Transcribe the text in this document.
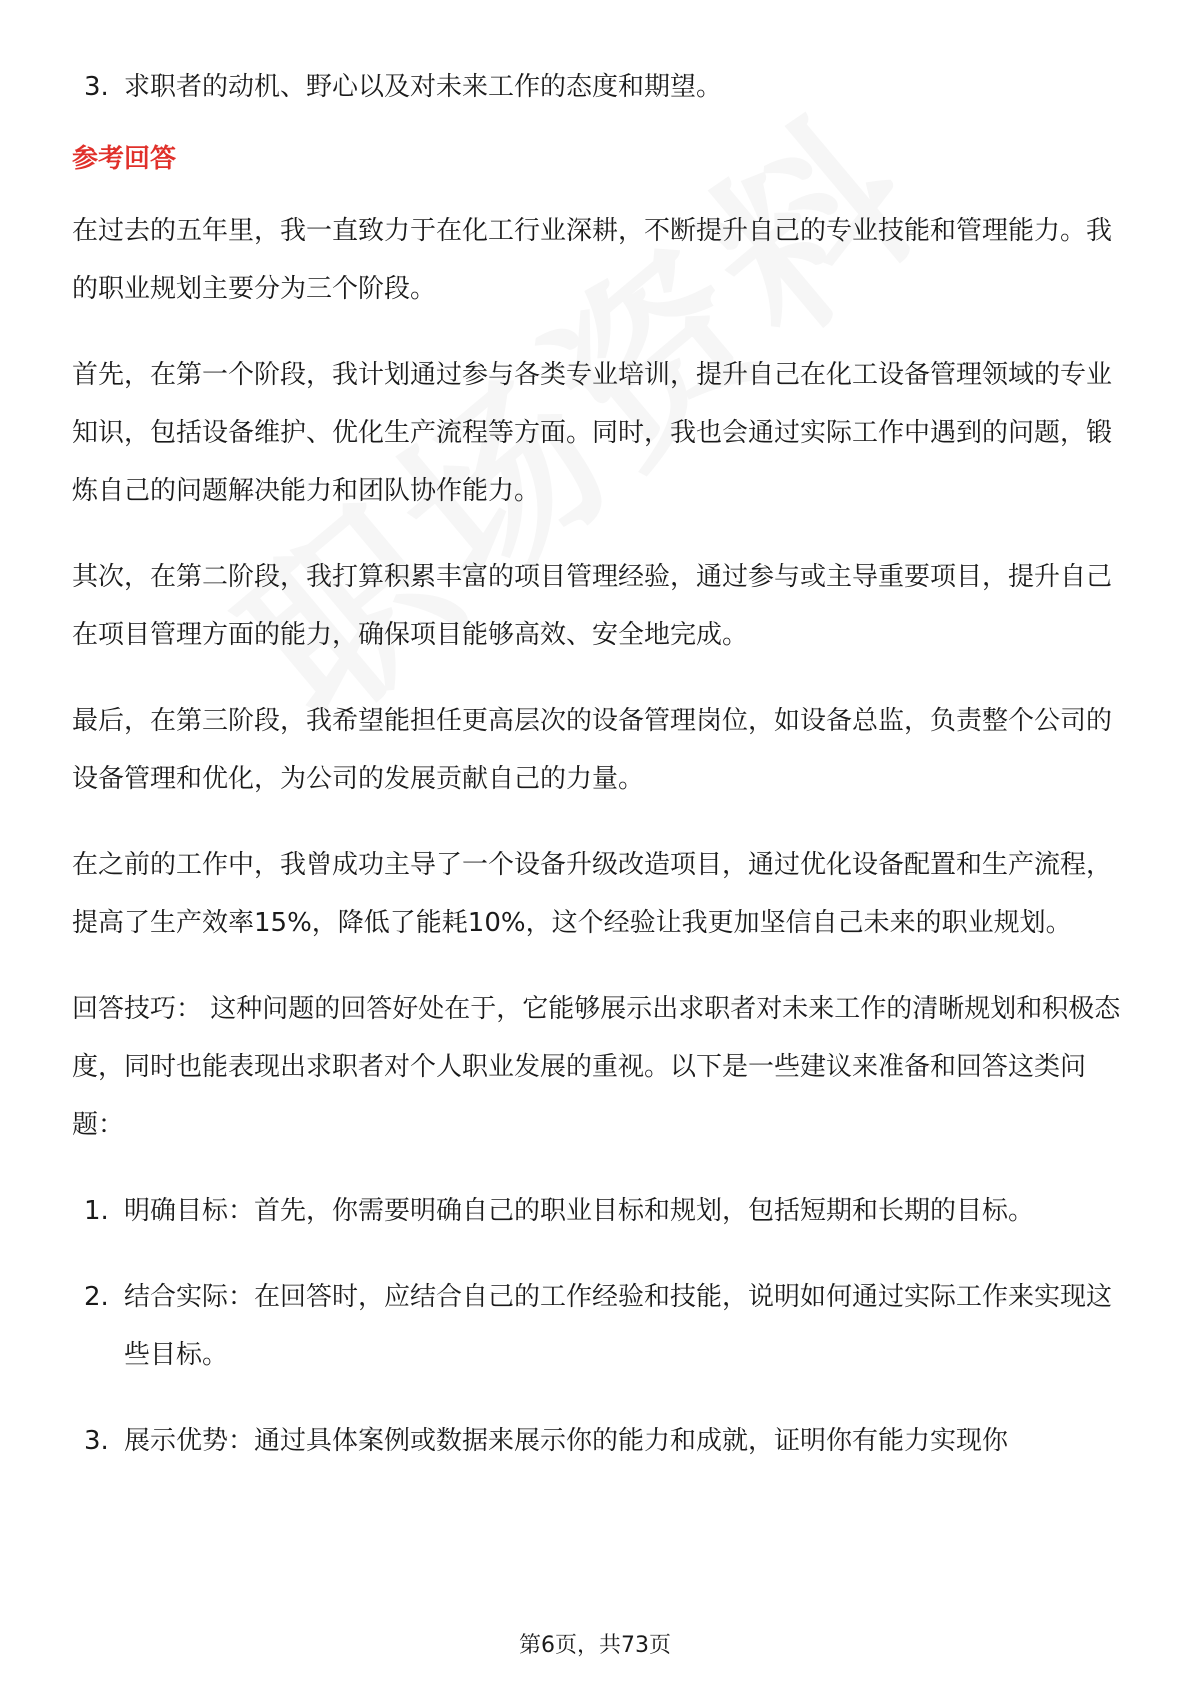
3. 求职者的动机、野心以及对未来工作的态度和期望。
参考回答

在过去的五年里，我一直致力于在化工行业深耕，不断提升自己的专业技能和管理能力。我的职业规划主要分为三个阶段。

首先，在第一个阶段，我计划通过参与各类专业培训，提升自己在化工设备管理领域的专业知识，包括设备维护、优化生产流程等方面。同时，我也会通过实际工作中遇到的问题，锻炼自己的问题解决能力和团队协作能力。

其次，在第二阶段，我打算积累丰富的项目管理经验，通过参与或主导重要项目，提升自己在项目管理方面的能力，确保项目能够高效、安全地完成。

最后，在第三阶段，我希望能担任更高层次的设备管理岗位，如设备总监，负责整个公司的设备管理和优化，为公司的发展贡献自己的力量。

在之前的工作中，我曾成功主导了一个设备升级改造项目，通过优化设备配置和生产流程，提高了生产效率15%，降低了能耗10%，这个经验让我更加坚信自己未来的职业规划。

回答技巧： 这种问题的回答好处在于，它能够展示出求职者对未来工作的清晰规划和积极态度，同时也能表现出求职者对个人职业发展的重视。以下是一些建议来准备和回答这类问题：

1. 明确目标：首先，你需要明确自己的职业目标和规划，包括短期和长期的目标。
2. 结合实际：在回答时，应结合自己的工作经验和技能，说明如何通过实际工作来实现这些目标。
3. 展示优势：通过具体案例或数据来展示你的能力和成就，证明你有能力实现你
第6页，共73页
